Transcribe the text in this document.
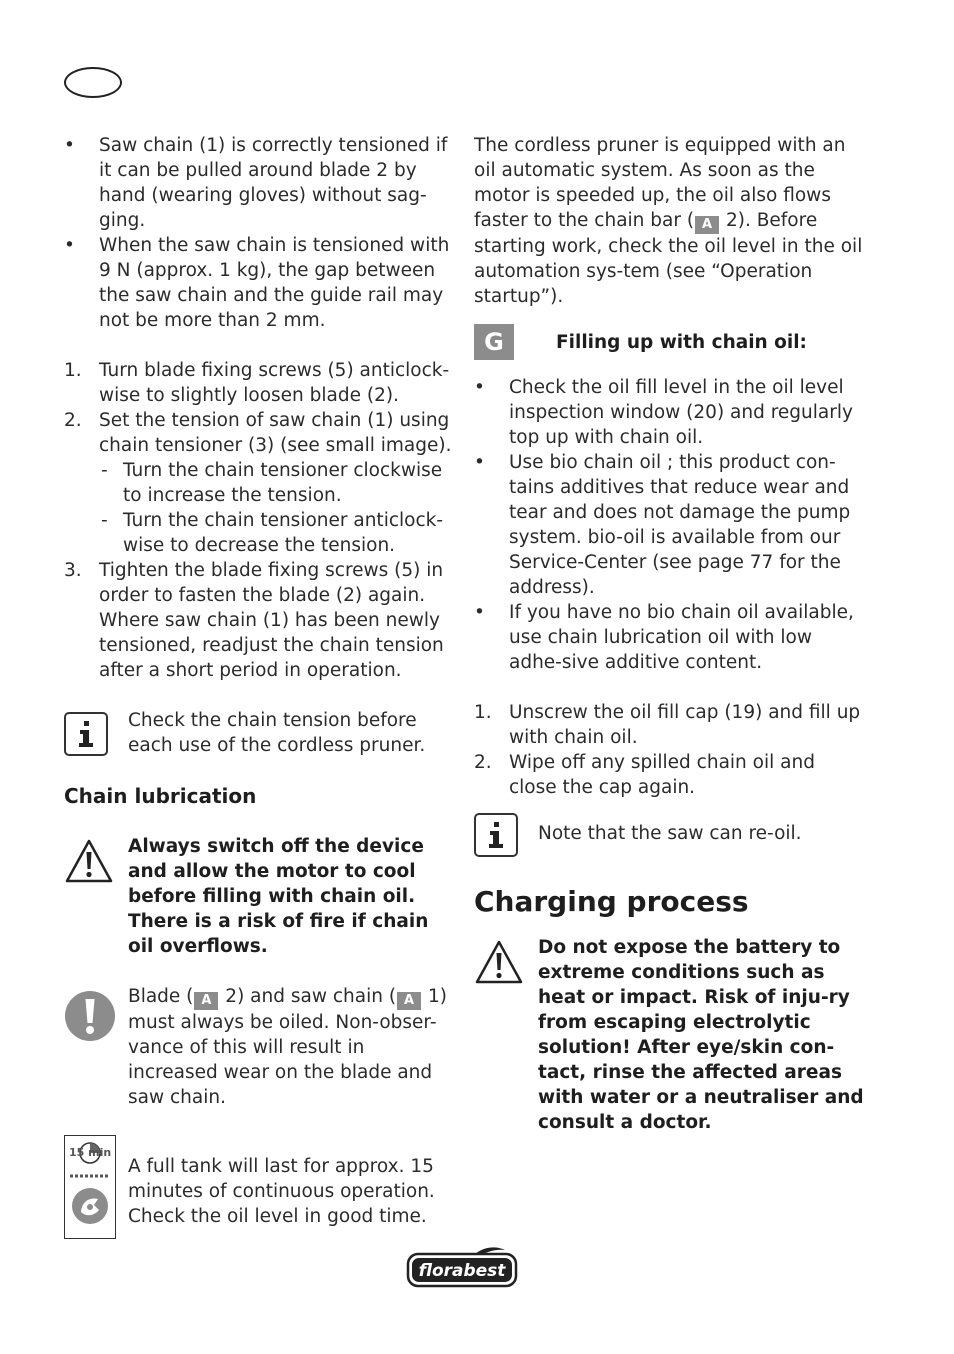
• Saw chain (1) is correctly tensioned if it can be pulled around blade 2 by hand (wearing gloves) without sag-ging.
• When the saw chain is tensioned with 9 N (approx. 1 kg), the gap between the saw chain and the guide rail may not be more than 2 mm.
1. Turn blade fixing screws (5) anticlock-wise to slightly loosen blade (2).
2. Set the tension of saw chain (1) using chain tensioner (3) (see small image).
- Turn the chain tensioner clockwise to increase the tension.
- Turn the chain tensioner anticlock-wise to decrease the tension.
3. Tighten the blade fixing screws (5) in order to fasten the blade (2) again. Where saw chain (1) has been newly tensioned, readjust the chain tension after a short period in operation.
Check the chain tension before each use of the cordless pruner.
Chain lubrication
Always switch off the device and allow the motor to cool before filling with chain oil. There is a risk of fire if chain oil overflows.
Blade ( A 2) and saw chain ( A 1) must always be oiled. Non-obser-vance of this will result in increased wear on the blade and saw chain.
15 min
A full tank will last for approx. 15 minutes of continuous operation. Check the oil level in good time.
The cordless pruner is equipped with an oil automatic system. As soon as the motor is speeded up, the oil also flows faster to the chain bar ( A 2). Before starting work, check the oil level in the oil automation sys-tem (see “Operation startup”).
G	Filling up with chain oil:
• Check the oil fill level in the oil level inspection window (20) and regularly top up with chain oil.
• Use bio chain oil ; this product con-tains additives that reduce wear and tear and does not damage the pump system. bio-oil is available from our Service-Center (see page 77 for the address).
• If you have no bio chain oil available, use chain lubrication oil with low adhe-sive additive content.
1. Unscrew the oil fill cap (19) and fill up with chain oil.
2. Wipe off any spilled chain oil and close the cap again.
Note that the saw can re-oil.
Charging process
Do not expose the battery to extreme conditions such as heat or impact. Risk of inju-ry from escaping electrolytic solution! After eye/skin con-tact, rinse the affected areas with water or a neutraliser and consult a doctor.
florabest
